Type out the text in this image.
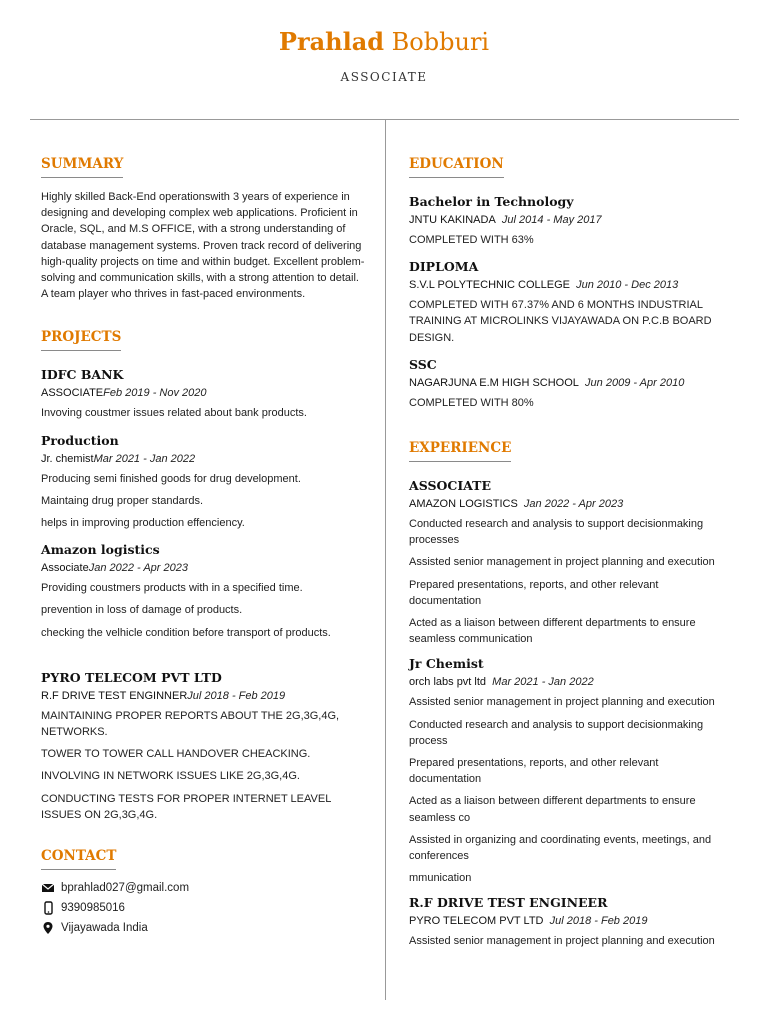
Prahlad Bobburi
ASSOCIATE
SUMMARY

Highly skilled Back-End operationswith 3 years of experience in designing and developing complex web applications. Proficient in Oracle, SQL, and M.S OFFICE, with a strong understanding of database management systems. Proven track record of delivering high-quality projects on time and within budget. Excellent problem-solving and communication skills, with a strong attention to detail. A team player who thrives in fast-paced environments.

PROJECTS
IDFC BANK
ASSOCIATEFeb 2019 - Nov 2020
Invoving coustmer issues related about bank products.
Production
Jr. chemistMar 2021 - Jan 2022
Producing semi finished goods for drug development.
Maintaing drug proper standards.
helps in improving production effenciency.
Amazon logistics
AssociateJan 2022 - Apr 2023
Providing coustmers products with in a specified time.
prevention in loss of damage of products.
checking the velhicle condition before transport of products.
PYRO TELECOM PVT LTD
R.F DRIVE TEST ENGINNERJul 2018 - Feb 2019
MAINTAINING PROPER REPORTS ABOUT THE 2G,3G,4G, NETWORKS.
TOWER TO TOWER CALL HANDOVER CHEACKING.
INVOLVING IN NETWORK ISSUES LIKE 2G,3G,4G.
CONDUCTING TESTS FOR PROPER INTERNET LEAVEL ISSUES ON 2G,3G,4G.
CONTACT
bprahlad027@gmail.com
9390985016
Vijayawada India
EDUCATION
Bachelor in Technology
JNTU KAKINADA Jul 2014 - May 2017
COMPLETED WITH 63%
DIPLOMA
S.V.L POLYTECHNIC COLLEGE Jun 2010 - Dec 2013
COMPLETED WITH 67.37% AND 6 MONTHS INDUSTRIAL TRAINING AT MICROLINKS VIJAYAWADA ON P.C.B BOARD DESIGN.
SSC
NAGARJUNA E.M HIGH SCHOOL Jun 2009 - Apr 2010
COMPLETED WITH 80%
EXPERIENCE
ASSOCIATE
AMAZON LOGISTICS Jan 2022 - Apr 2023
Conducted research and analysis to support decisionmaking processes
Assisted senior management in project planning and execution
Prepared presentations, reports, and other relevant documentation
Acted as a liaison between different departments to ensure seamless communication
Jr Chemist
orch labs pvt ltd Mar 2021 - Jan 2022
Assisted senior management in project planning and execution
Conducted research and analysis to support decisionmaking process
Prepared presentations, reports, and other relevant documentation
Acted as a liaison between different departments to ensure seamless co
Assisted in organizing and coordinating events, meetings, and conferences
mmunication
R.F DRIVE TEST ENGINEER
PYRO TELECOM PVT LTD Jul 2018 - Feb 2019
Assisted senior management in project planning and execution
